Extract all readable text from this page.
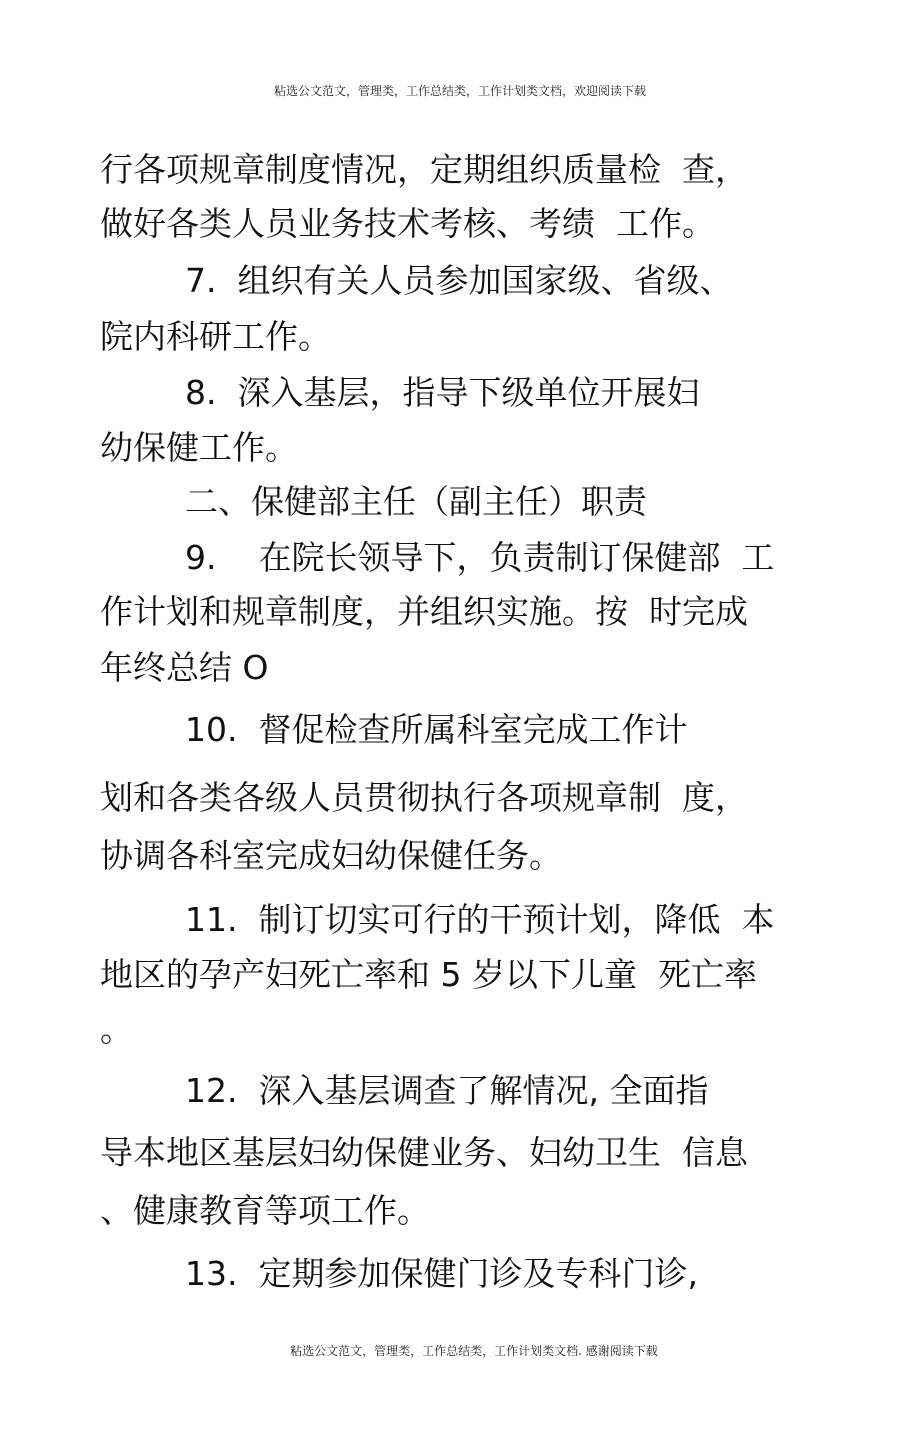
粘选公文范文，管理类，工作总结类，工作计划类文档，欢迎阅读下载
行各项规章制度情况，定期组织质量检  查，
做好各类人员业务技术考核、考绩  工作。
7.  组织有关人员参加国家级、省级、
院内科研工作。
8.  深入基层，指导下级单位开展妇
幼保健工作。
二、保健部主任（副主任）职责
9.    在院长领导下，负责制订保健部  工
作计划和规章制度，并组织实施。按  时完成
年终总结 O
10.  督促检查所属科室完成工作计
划和各类各级人员贯彻执行各项规章制  度，
协调各科室完成妇幼保健任务。
11.  制订切实可行的干预计划，降低  本
地区的孕产妇死亡率和 5 岁以下儿童  死亡率
。
12.  深入基层调查了解情况, 全面指
导本地区基层妇幼保健业务、妇幼卫生  信息
、健康教育等项工作。
13.  定期参加保健门诊及专科门诊,
粘选公文范文，管理类，工作总结类，工作计划类文档. 感谢阅读下载
